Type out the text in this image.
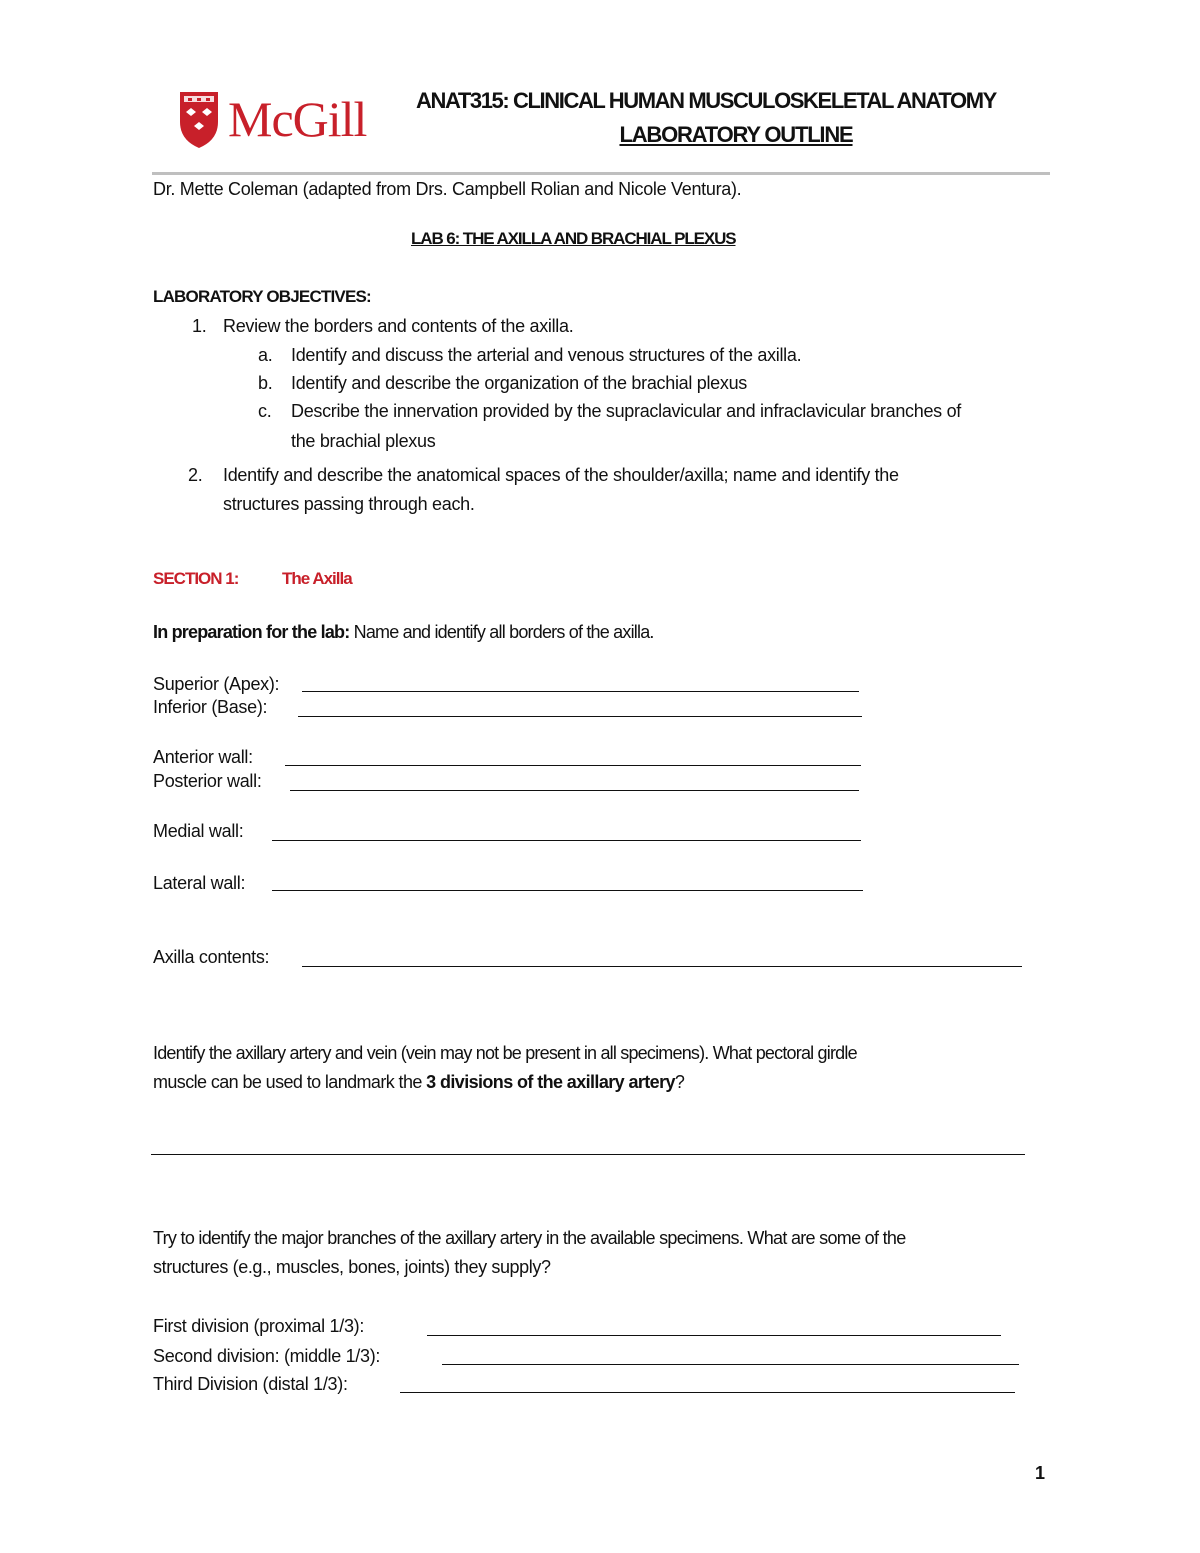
McGill ANAT315: CLINICAL HUMAN MUSCULOSKELETAL ANATOMY
LABORATORY OUTLINE
Dr. Mette Coleman (adapted from Drs. Campbell Rolian and Nicole Ventura).
LAB 6: THE AXILLA AND BRACHIAL PLEXUS
LABORATORY OBJECTIVES:
1. Review the borders and contents of the axilla.
a. Identify and discuss the arterial and venous structures of the axilla.
b. Identify and describe the organization of the brachial plexus
c. Describe the innervation provided by the supraclavicular and infraclavicular branches of
the brachial plexus
2. Identify and describe the anatomical spaces of the shoulder/axilla; name and identify the
structures passing through each.
SECTION 1:	The Axilla
In preparation for the lab: Name and identify all borders of the axilla.
Superior (Apex):
Inferior (Base):
Anterior wall:
Posterior wall:
Medial wall:
Lateral wall:
Axilla contents:
Identify the axillary artery and vein (vein may not be present in all specimens). What pectoral girdle
muscle can be used to landmark the 3 divisions of the axillary artery?
Try to identify the major branches of the axillary artery in the available specimens. What are some of the
structures (e.g., muscles, bones, joints) they supply?
First division (proximal 1/3):
Second division: (middle 1/3):
Third Division (distal 1/3):
1
